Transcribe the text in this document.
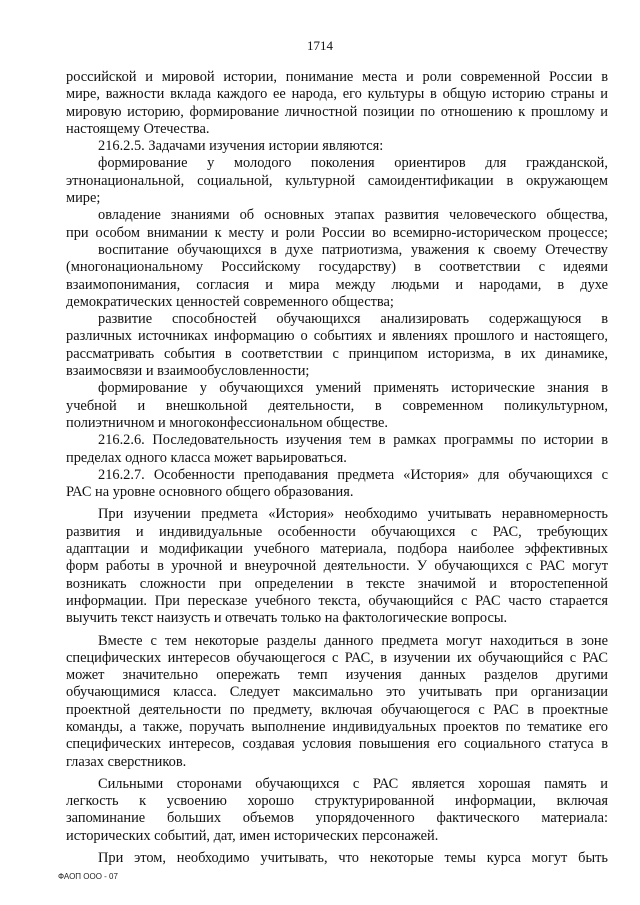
1714
российской и мировой истории, понимание места и роли современной России в
мире, важности вклада каждого ее народа, его культуры в общую историю страны и
мировую историю, формирование личностной позиции по отношению к прошлому и
настоящему Отечества.
216.2.5. Задачами изучения истории являются:
формирование у молодого поколения ориентиров для гражданской,
этнонациональной, социальной, культурной самоидентификации в окружающем
мире;
овладение знаниями об основных этапах развития человеческого общества,
при особом внимании к месту и роли России во всемирно-историческом процессе;
воспитание обучающихся в духе патриотизма, уважения к своему Отечеству
(многонациональному Российскому государству) в соответствии с идеями
взаимопонимания, согласия и мира между людьми и народами, в духе
демократических ценностей современного общества;
развитие способностей обучающихся анализировать содержащуюся в
различных источниках информацию о событиях и явлениях прошлого и настоящего,
рассматривать события в соответствии с принципом историзма, в их динамике,
взаимосвязи и взаимообусловленности;
формирование у обучающихся умений применять исторические знания в
учебной и внешкольной деятельности, в современном поликультурном,
полиэтничном и многоконфессиональном обществе.
216.2.6. Последовательность изучения тем в рамках программы по истории в
пределах одного класса может варьироваться.
216.2.7. Особенности преподавания предмета «История» для обучающихся с
РАС на уровне основного общего образования.
При изучении предмета «История» необходимо учитывать неравномерность
развития и индивидуальные особенности обучающихся с РАС, требующих
адаптации и модификации учебного материала, подбора наиболее эффективных
форм работы в урочной и внеурочной деятельности. У обучающихся с РАС могут
возникать сложности при определении в тексте значимой и второстепенной
информации. При пересказе учебного текста, обучающийся с РАС часто старается
выучить текст наизусть и отвечать только на фактологические вопросы.
Вместе с тем некоторые разделы данного предмета могут находиться в зоне
специфических интересов обучающегося с РАС, в изучении их обучающийся с РАС
может значительно опережать темп изучения данных разделов другими
обучающимися класса. Следует максимально это учитывать при организации
проектной деятельности по предмету, включая обучающегося с РАС в проектные
команды, а также, поручать выполнение индивидуальных проектов по тематике его
специфических интересов, создавая условия повышения его социального статуса в
глазах сверстников.
Сильными сторонами обучающихся с РАС является хорошая память и
легкость к усвоению хорошо структурированной информации, включая
запоминание больших объемов упорядоченного фактического материала:
исторических событий, дат, имен исторических персонажей.
При этом, необходимо учитывать, что некоторые темы курса могут быть
ФАОП ООО - 07
